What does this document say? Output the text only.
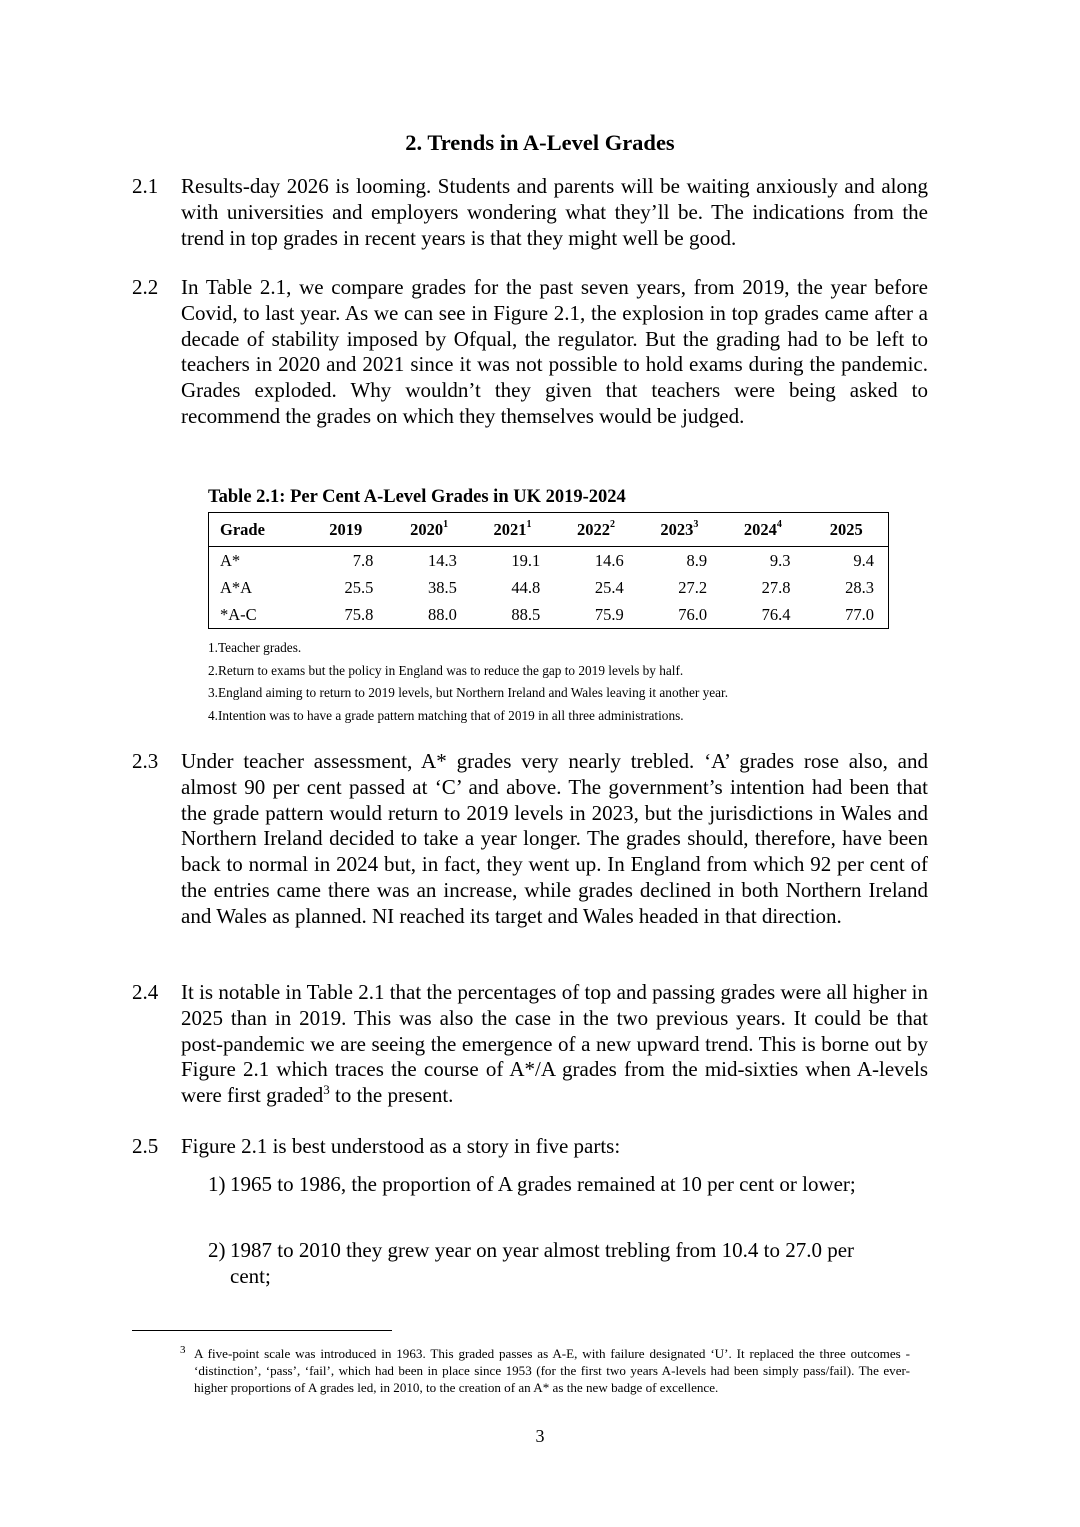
2. Trends in A-Level Grades
2.1 Results-day 2026 is looming. Students and parents will be waiting anxiously and along with universities and employers wondering what they’ll be. The indications from the trend in top grades in recent years is that they might well be good.
2.2 In Table 2.1, we compare grades for the past seven years, from 2019, the year before Covid, to last year. As we can see in Figure 2.1, the explosion in top grades came after a decade of stability imposed by Ofqual, the regulator. But the grading had to be left to teachers in 2020 and 2021 since it was not possible to hold exams during the pandemic. Grades exploded. Why wouldn’t they given that teachers were being asked to recommend the grades on which they themselves would be judged.
Table 2.1: Per Cent A-Level Grades in UK 2019-2024
Grade	2019	2020$^1$	2021$^1$	2022$^2$	2023$^3$	2024$^4$	2025
A*	7.8	14.3	19.1	14.6	8.9	9.3	9.4
A*A	25.5	38.5	44.8	25.4	27.2	27.8	28.3
*A-C	75.8	88.0	88.5	75.9	76.0	76.4	77.0
1.Teacher grades.
2.Return to exams but the policy in England was to reduce the gap to 2019 levels by half.
3.England aiming to return to 2019 levels, but Northern Ireland and Wales leaving it another year.
4.Intention was to have a grade pattern matching that of 2019 in all three administrations.
2.3 Under teacher assessment, A* grades very nearly trebled. ‘A’ grades rose also, and almost 90 per cent passed at ‘C’ and above. The government’s intention had been that the grade pattern would return to 2019 levels in 2023, but the jurisdictions in Wales and Northern Ireland decided to take a year longer. The grades should, therefore, have been back to normal in 2024 but, in fact, they went up. In England from which 92 per cent of the entries came there was an increase, while grades declined in both Northern Ireland and Wales as planned. NI reached its target and Wales headed in that direction.
2.4 It is notable in Table 2.1 that the percentages of top and passing grades were all higher in 2025 than in 2019. This was also the case in the two previous years. It could be that post-pandemic we are seeing the emergence of a new upward trend. This is borne out by Figure 2.1 which traces the course of A*/A grades from the mid-sixties when A-levels were first graded$^3$ to the present.
2.5 Figure 2.1 is best understood as a story in five parts:
1) 1965 to 1986, the proportion of A grades remained at 10 per cent or lower;
2) 1987 to 2010 they grew year on year almost trebling from 10.4 to 27.0 per cent;
3 A five-point scale was introduced in 1963. This graded passes as A-E, with failure designated ‘U’. It replaced the three outcomes - ‘distinction’, ‘pass’, ‘fail’, which had been in place since 1953 (for the first two years A-levels had been simply pass/fail). The ever-higher proportions of A grades led, in 2010, to the creation of an A* as the new badge of excellence.
3
